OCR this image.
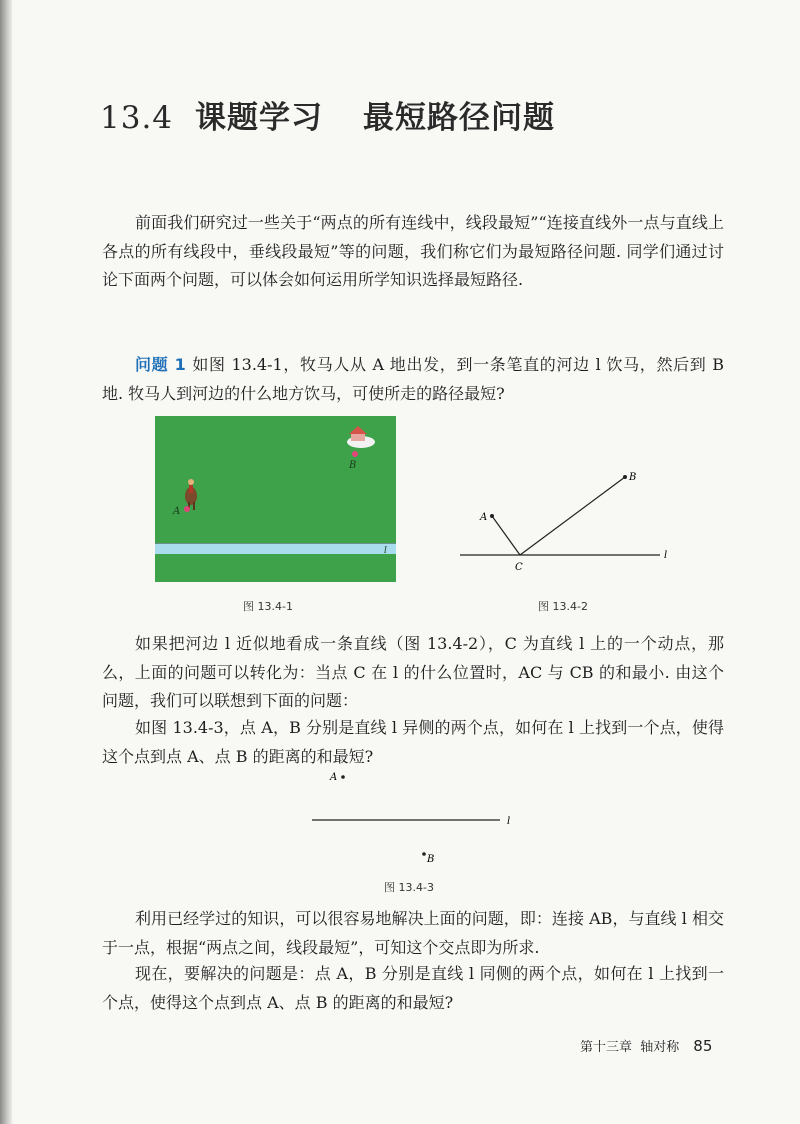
13.4 课题学习 最短路径问题

前面我们研究过一些关于“两点的所有连线中，线段最短”“连接直线外一点与直线上各点的所有线段中，垂线段最短”等的问题，我们称它们为最短路径问题. 同学们通过讨论下面两个问题，可以体会如何运用所学知识选择最短路径.

问题 1 如图 13.4-1，牧马人从 A 地出发，到一条笔直的河边 l 饮马，然后到 B 地. 牧马人到河边的什么地方饮马，可使所走的路径最短?

B
A
l
图 13.4-1
A
B
C
l
图 13.4-2

如果把河边 l 近似地看成一条直线（图 13.4-2），C 为直线 l 上的一个动点，那么，上面的问题可以转化为：当点 C 在 l 的什么位置时，AC 与 CB 的和最小. 由这个问题，我们可以联想到下面的问题：

如图 13.4-3，点 A，B 分别是直线 l 异侧的两个点，如何在 l 上找到一个点，使得这个点到点 A、点 B 的距离的和最短?

A
l
B
图 13.4-3

利用已经学过的知识，可以很容易地解决上面的问题，即：连接 AB，与直线 l 相交于一点，根据“两点之间，线段最短”，可知这个交点即为所求.

现在，要解决的问题是：点 A，B 分别是直线 l 同侧的两个点，如何在 l 上找到一个点，使得这个点到点 A、点 B 的距离的和最短?

第十三章 轴对称 85
